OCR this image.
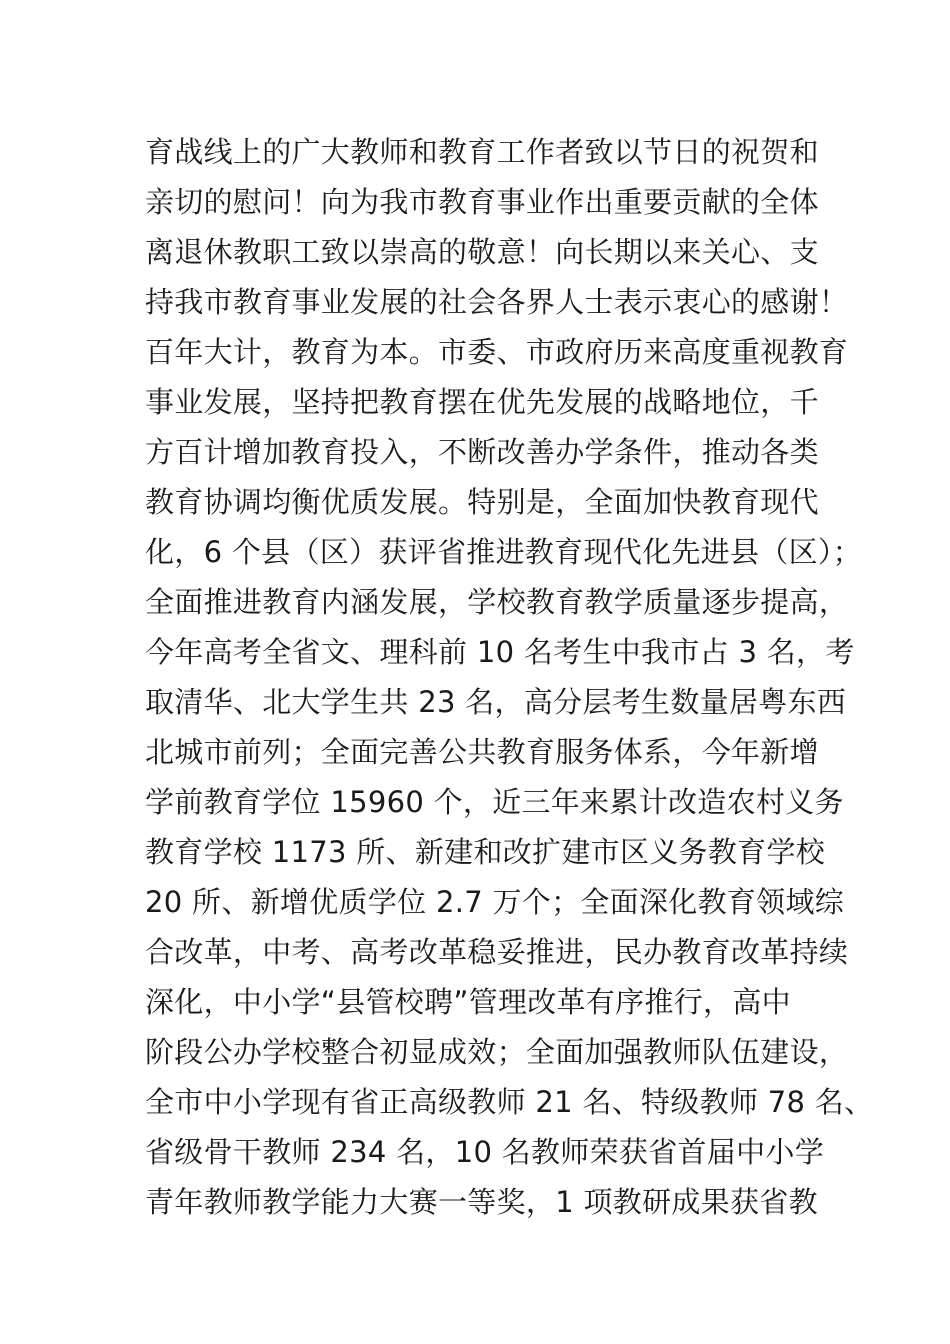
育战线上的广大教师和教育工作者致以节日的祝贺和
亲切的慰问！向为我市教育事业作出重要贡献的全体
离退休教职工致以崇高的敬意！向长期以来关心、支
持我市教育事业发展的社会各界人士表示衷心的感谢！
百年大计，教育为本。市委、市政府历来高度重视教育
事业发展，坚持把教育摆在优先发展的战略地位，千
方百计增加教育投入，不断改善办学条件，推动各类
教育协调均衡优质发展。特别是，全面加快教育现代
化，6 个县（区）获评省推进教育现代化先进县（区）；
全面推进教育内涵发展，学校教育教学质量逐步提高，
今年高考全省文、理科前 10 名考生中我市占 3 名，考
取清华、北大学生共 23 名，高分层考生数量居粤东西
北城市前列；全面完善公共教育服务体系，今年新增
学前教育学位 15960 个，近三年来累计改造农村义务
教育学校 1173 所、新建和改扩建市区义务教育学校
20 所、新增优质学位 2.7 万个；全面深化教育领域综
合改革，中考、高考改革稳妥推进，民办教育改革持续
深化，中小学“县管校聘”管理改革有序推行，高中
阶段公办学校整合初显成效；全面加强教师队伍建设，
全市中小学现有省正高级教师 21 名、特级教师 78 名、
省级骨干教师 234 名，10 名教师荣获省首届中小学
青年教师教学能力大赛一等奖，1 项教研成果获省教
